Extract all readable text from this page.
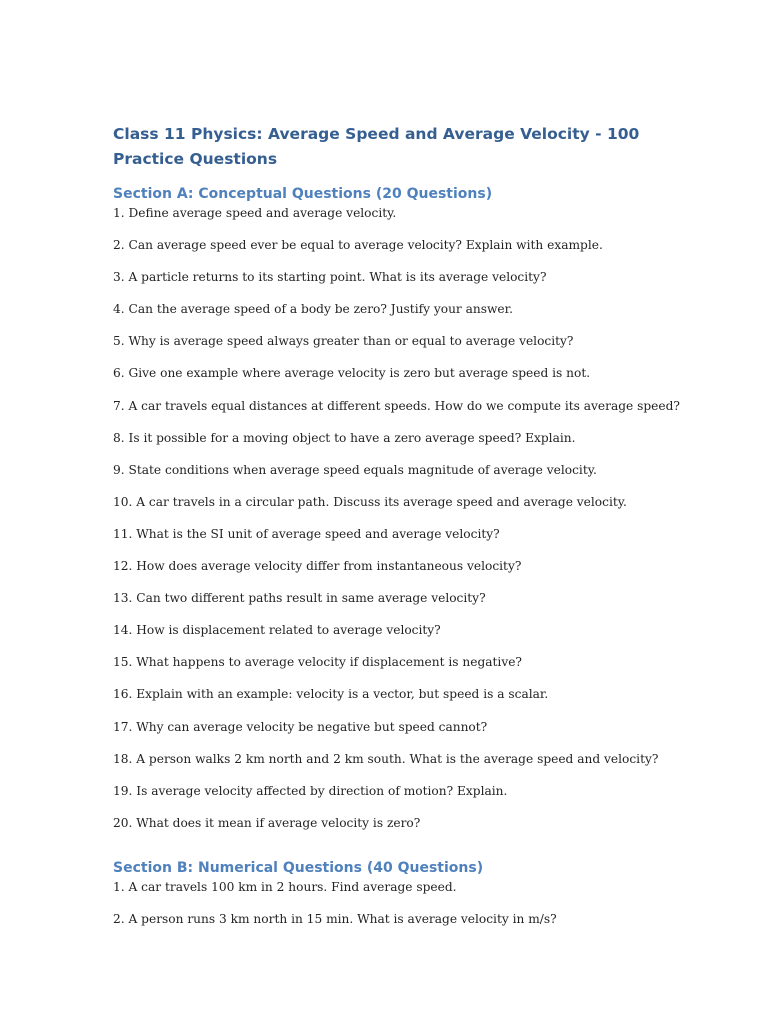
Class 11 Physics: Average Speed and Average Velocity - 100 Practice Questions
Section A: Conceptual Questions (20 Questions)
1. Define average speed and average velocity.
2. Can average speed ever be equal to average velocity? Explain with example.
3. A particle returns to its starting point. What is its average velocity?
4. Can the average speed of a body be zero? Justify your answer.
5. Why is average speed always greater than or equal to average velocity?
6. Give one example where average velocity is zero but average speed is not.
7. A car travels equal distances at different speeds. How do we compute its average speed?
8. Is it possible for a moving object to have a zero average speed? Explain.
9. State conditions when average speed equals magnitude of average velocity.
10. A car travels in a circular path. Discuss its average speed and average velocity.
11. What is the SI unit of average speed and average velocity?
12. How does average velocity differ from instantaneous velocity?
13. Can two different paths result in same average velocity?
14. How is displacement related to average velocity?
15. What happens to average velocity if displacement is negative?
16. Explain with an example: velocity is a vector, but speed is a scalar.
17. Why can average velocity be negative but speed cannot?
18. A person walks 2 km north and 2 km south. What is the average speed and velocity?
19. Is average velocity affected by direction of motion? Explain.
20. What does it mean if average velocity is zero?
Section B: Numerical Questions (40 Questions)
1. A car travels 100 km in 2 hours. Find average speed.
2. A person runs 3 km north in 15 min. What is average velocity in m/s?
